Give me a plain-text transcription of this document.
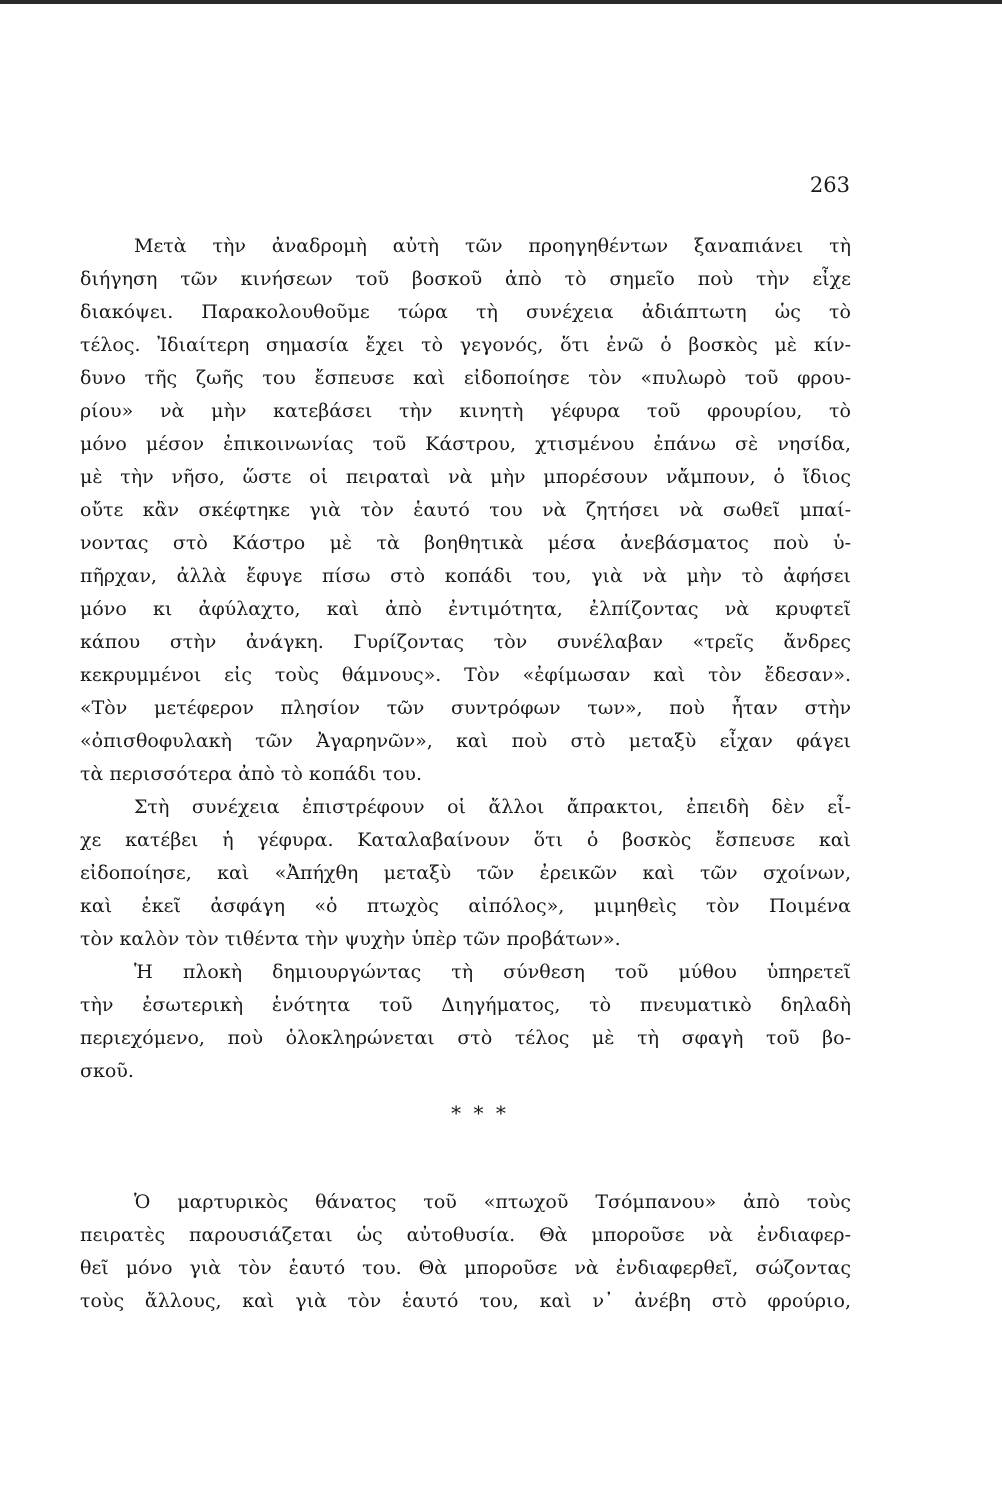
263
Μετὰ τὴν ἀναδρομὴ αὐτὴ τῶν προηγηθέντων ξαναπιάνει τὴ
διήγηση τῶν κινήσεων τοῦ βοσκοῦ ἀπὸ τὸ σημεῖο ποὺ τὴν εἶχε
διακόψει. Παρακολουθοῦμε τώρα τὴ συνέχεια ἀδιάπτωτη ὡς τὸ
τέλος. Ἰδιαίτερη σημασία ἔχει τὸ γεγονός, ὅτι ἐνῶ ὁ βοσκὸς μὲ κίν-
δυνο τῆς ζωῆς του ἔσπευσε καὶ εἰδοποίησε τὸν «πυλωρὸ τοῦ φρου-
ρίου» νὰ μὴν κατεβάσει τὴν κινητὴ γέφυρα τοῦ φρουρίου, τὸ
μόνο μέσον ἐπικοινωνίας τοῦ Κάστρου, χτισμένου ἐπάνω σὲ νησίδα,
μὲ τὴν νῆσο, ὥστε οἱ πειραταὶ νὰ μὴν μπορέσουν νἄμπουν, ὁ ἴδιος
οὔτε κἂν σκέφτηκε γιὰ τὸν ἑαυτό του νὰ ζητήσει νὰ σωθεῖ μπαί-
νοντας στὸ Κάστρο μὲ τὰ βοηθητικὰ μέσα ἀνεβάσματος ποὺ ὑ-
πῆρχαν, ἀλλὰ ἔφυγε πίσω στὸ κοπάδι του, γιὰ νὰ μὴν τὸ ἀφήσει
μόνο κι ἀφύλαχτο, καὶ ἀπὸ ἐντιμότητα, ἐλπίζοντας νὰ κρυφτεῖ
κάπου στὴν ἀνάγκη. Γυρίζοντας τὸν συνέλαβαν «τρεῖς ἄνδρες
κεκρυμμένοι εἰς τοὺς θάμνους». Τὸν «ἐφίμωσαν καὶ τὸν ἔδεσαν».
«Τὸν μετέφερον πλησίον τῶν συντρόφων των», ποὺ ἦταν στὴν
«ὀπισθοφυλακὴ τῶν Ἀγαρηνῶν», καὶ ποὺ στὸ μεταξὺ εἶχαν φάγει
τὰ περισσότερα ἀπὸ τὸ κοπάδι του.
Στὴ συνέχεια ἐπιστρέφουν οἱ ἄλλοι ἄπρακτοι, ἐπειδὴ δὲν εἶ-
χε κατέβει ἡ γέφυρα. Καταλαβαίνουν ὅτι ὁ βοσκὸς ἔσπευσε καὶ
εἰδοποίησε, καὶ «Ἀπήχθη μεταξὺ τῶν ἐρεικῶν καὶ τῶν σχοίνων,
καὶ ἐκεῖ ἀσφάγη «ὁ πτωχὸς αἰπόλος», μιμηθεὶς τὸν Ποιμένα
τὸν καλὸν τὸν τιθέντα τὴν ψυχὴν ὑπὲρ τῶν προβάτων».
Ἡ πλοκὴ δημιουργώντας τὴ σύνθεση τοῦ μύθου ὑπηρετεῖ
τὴν ἐσωτερικὴ ἑνότητα τοῦ Διηγήματος, τὸ πνευματικὸ δηλαδὴ
περιεχόμενο, ποὺ ὁλοκληρώνεται στὸ τέλος μὲ τὴ σφαγὴ τοῦ βο-
σκοῦ.
* * *
Ὁ μαρτυρικὸς θάνατος τοῦ «πτωχοῦ Τσόμπανου» ἀπὸ τοὺς
πειρατὲς παρουσιάζεται ὡς αὐτοθυσία. Θὰ μποροῦσε νὰ ἐνδιαφερ-
θεῖ μόνο γιὰ τὸν ἑαυτό του. Θὰ μποροῦσε νὰ ἐνδιαφερθεῖ, σώζοντας
τοὺς ἄλλους, καὶ γιὰ τὸν ἑαυτό του, καὶ ν᾽ ἀνέβη στὸ φρούριο,
